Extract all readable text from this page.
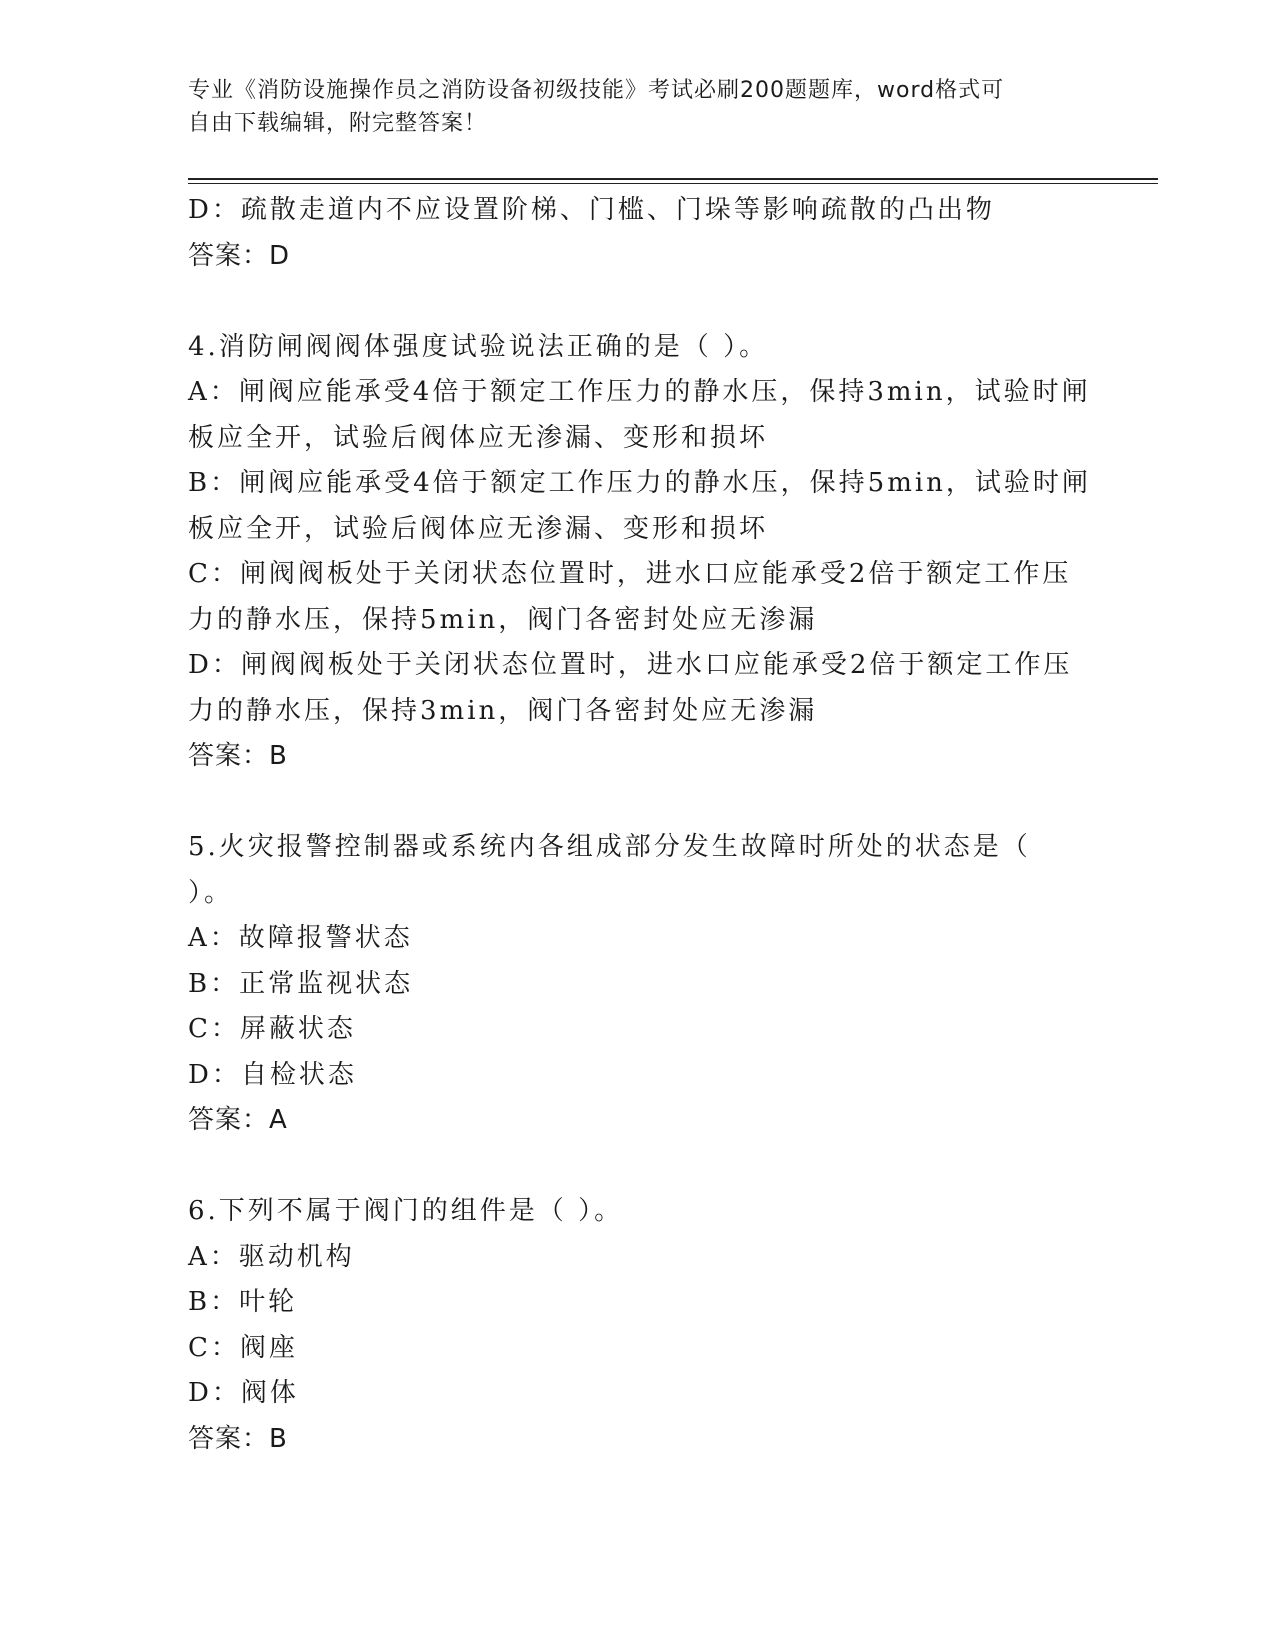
专业《消防设施操作员之消防设备初级技能》考试必刷200题题库，word格式可
自由下载编辑，附完整答案！
D：疏散走道内不应设置阶梯、门槛、门垛等影响疏散的凸出物
答案：D
4.消防闸阀阀体强度试验说法正确的是（ ）。
A：闸阀应能承受4倍于额定工作压力的静水压，保持3min，试验时闸
板应全开，试验后阀体应无渗漏、变形和损坏
B：闸阀应能承受4倍于额定工作压力的静水压，保持5min，试验时闸
板应全开，试验后阀体应无渗漏、变形和损坏
C：闸阀阀板处于关闭状态位置时，进水口应能承受2倍于额定工作压
力的静水压，保持5min，阀门各密封处应无渗漏
D：闸阀阀板处于关闭状态位置时，进水口应能承受2倍于额定工作压
力的静水压，保持3min，阀门各密封处应无渗漏
答案：B
5.火灾报警控制器或系统内各组成部分发生故障时所处的状态是（
）。
A：故障报警状态
B：正常监视状态
C：屏蔽状态
D：自检状态
答案：A
6.下列不属于阀门的组件是（ ）。
A：驱动机构
B：叶轮
C：阀座
D：阀体
答案：B
